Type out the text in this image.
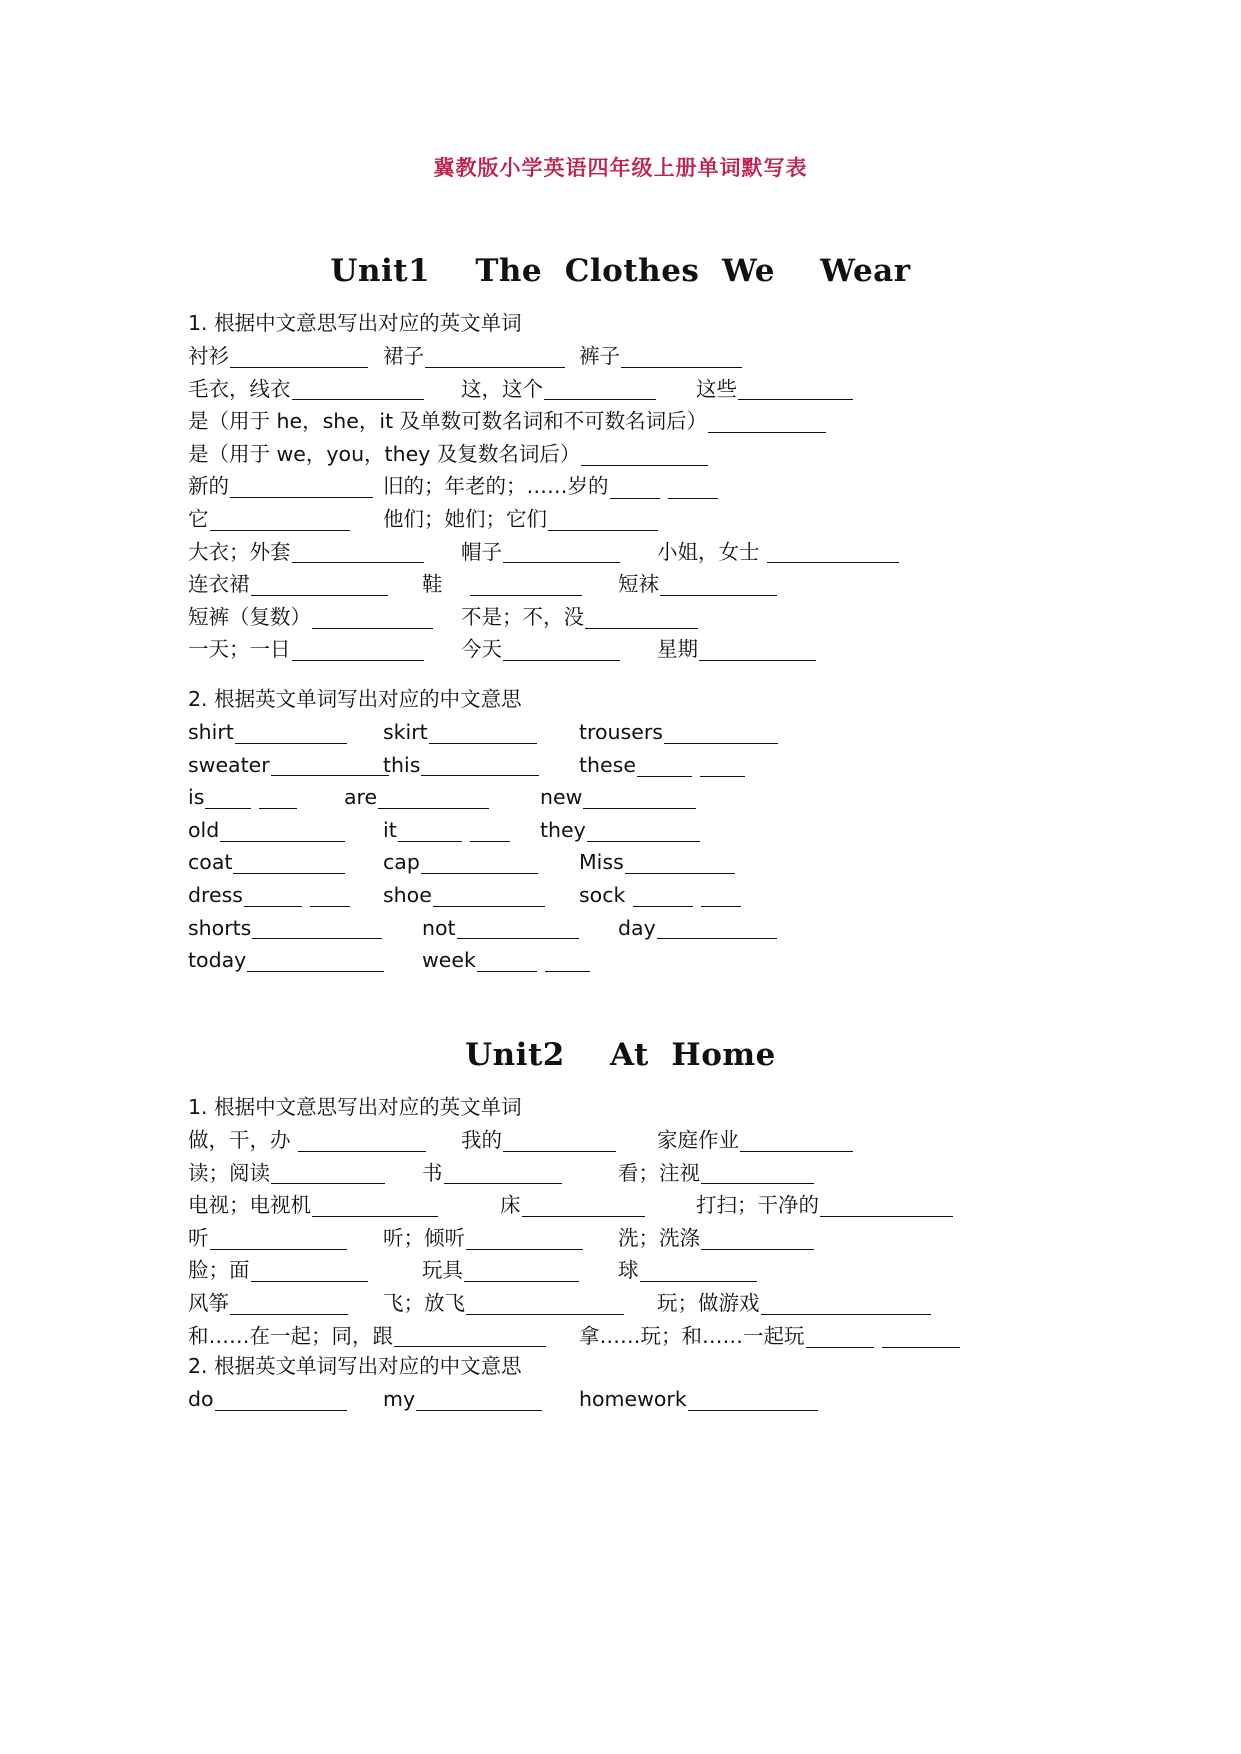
冀教版小学英语四年级上册单词默写表
Unit1    The  Clothes  We    Wear
1. 根据中文意思写出对应的英文单词
衬衫	裙子	裤子
毛衣，线衣	这，这个	这些
是（用于 he，she，it 及单数可数名词和不可数名词后）
是（用于 we，you，they 及复数名词后）
新的	旧的；年老的；……岁的
它	他们；她们；它们
大衣；外套	帽子	小姐，女士
连衣裙	鞋	短袜
短裤（复数）	不是；不，没
一天；一日	今天	星期
2. 根据英文单词写出对应的中文意思
shirt	skirt	trousers
sweater	this	these
is	are	new
old	it	they
coat	cap	Miss
dress	shoe	sock
shorts	not	day
today	week
Unit2    At  Home
1. 根据中文意思写出对应的英文单词
做，干，办	我的	家庭作业
读；阅读	书	看；注视
电视；电视机	床	打扫；干净的
听	听；倾听	洗；洗涤
脸；面	玩具	球
风筝	飞；放飞	玩；做游戏
和……在一起；同，跟	拿……玩；和……一起玩
2. 根据英文单词写出对应的中文意思
do	my	homework
